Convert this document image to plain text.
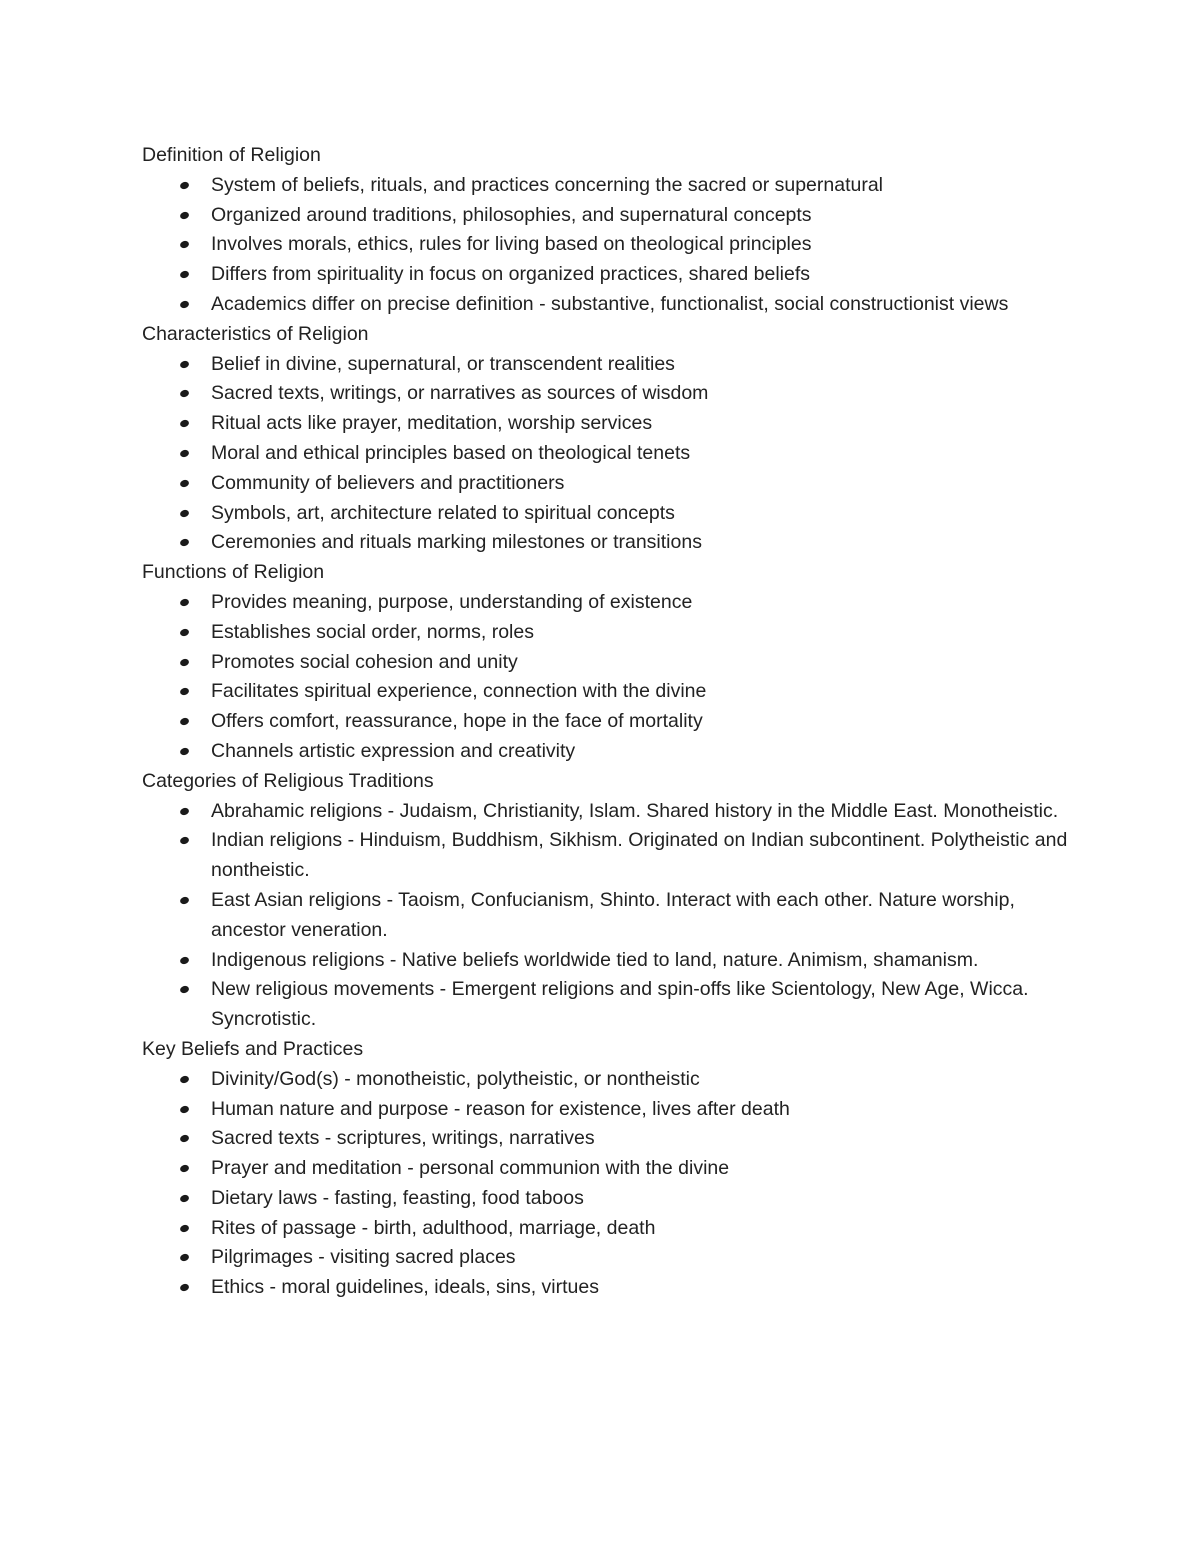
Definition of Religion
System of beliefs, rituals, and practices concerning the sacred or supernatural
Organized around traditions, philosophies, and supernatural concepts
Involves morals, ethics, rules for living based on theological principles
Differs from spirituality in focus on organized practices, shared beliefs
Academics differ on precise definition - substantive, functionalist, social constructionist views
Characteristics of Religion
Belief in divine, supernatural, or transcendent realities
Sacred texts, writings, or narratives as sources of wisdom
Ritual acts like prayer, meditation, worship services
Moral and ethical principles based on theological tenets
Community of believers and practitioners
Symbols, art, architecture related to spiritual concepts
Ceremonies and rituals marking milestones or transitions
Functions of Religion
Provides meaning, purpose, understanding of existence
Establishes social order, norms, roles
Promotes social cohesion and unity
Facilitates spiritual experience, connection with the divine
Offers comfort, reassurance, hope in the face of mortality
Channels artistic expression and creativity
Categories of Religious Traditions
Abrahamic religions - Judaism, Christianity, Islam. Shared history in the Middle East. Monotheistic.
Indian religions - Hinduism, Buddhism, Sikhism. Originated on Indian subcontinent. Polytheistic and nontheistic.
East Asian religions - Taoism, Confucianism, Shinto. Interact with each other. Nature worship, ancestor veneration.
Indigenous religions - Native beliefs worldwide tied to land, nature. Animism, shamanism.
New religious movements - Emergent religions and spin-offs like Scientology, New Age, Wicca. Syncrotistic.
Key Beliefs and Practices
Divinity/God(s) - monotheistic, polytheistic, or nontheistic
Human nature and purpose - reason for existence, lives after death
Sacred texts - scriptures, writings, narratives
Prayer and meditation - personal communion with the divine
Dietary laws - fasting, feasting, food taboos
Rites of passage - birth, adulthood, marriage, death
Pilgrimages - visiting sacred places
Ethics - moral guidelines, ideals, sins, virtues
